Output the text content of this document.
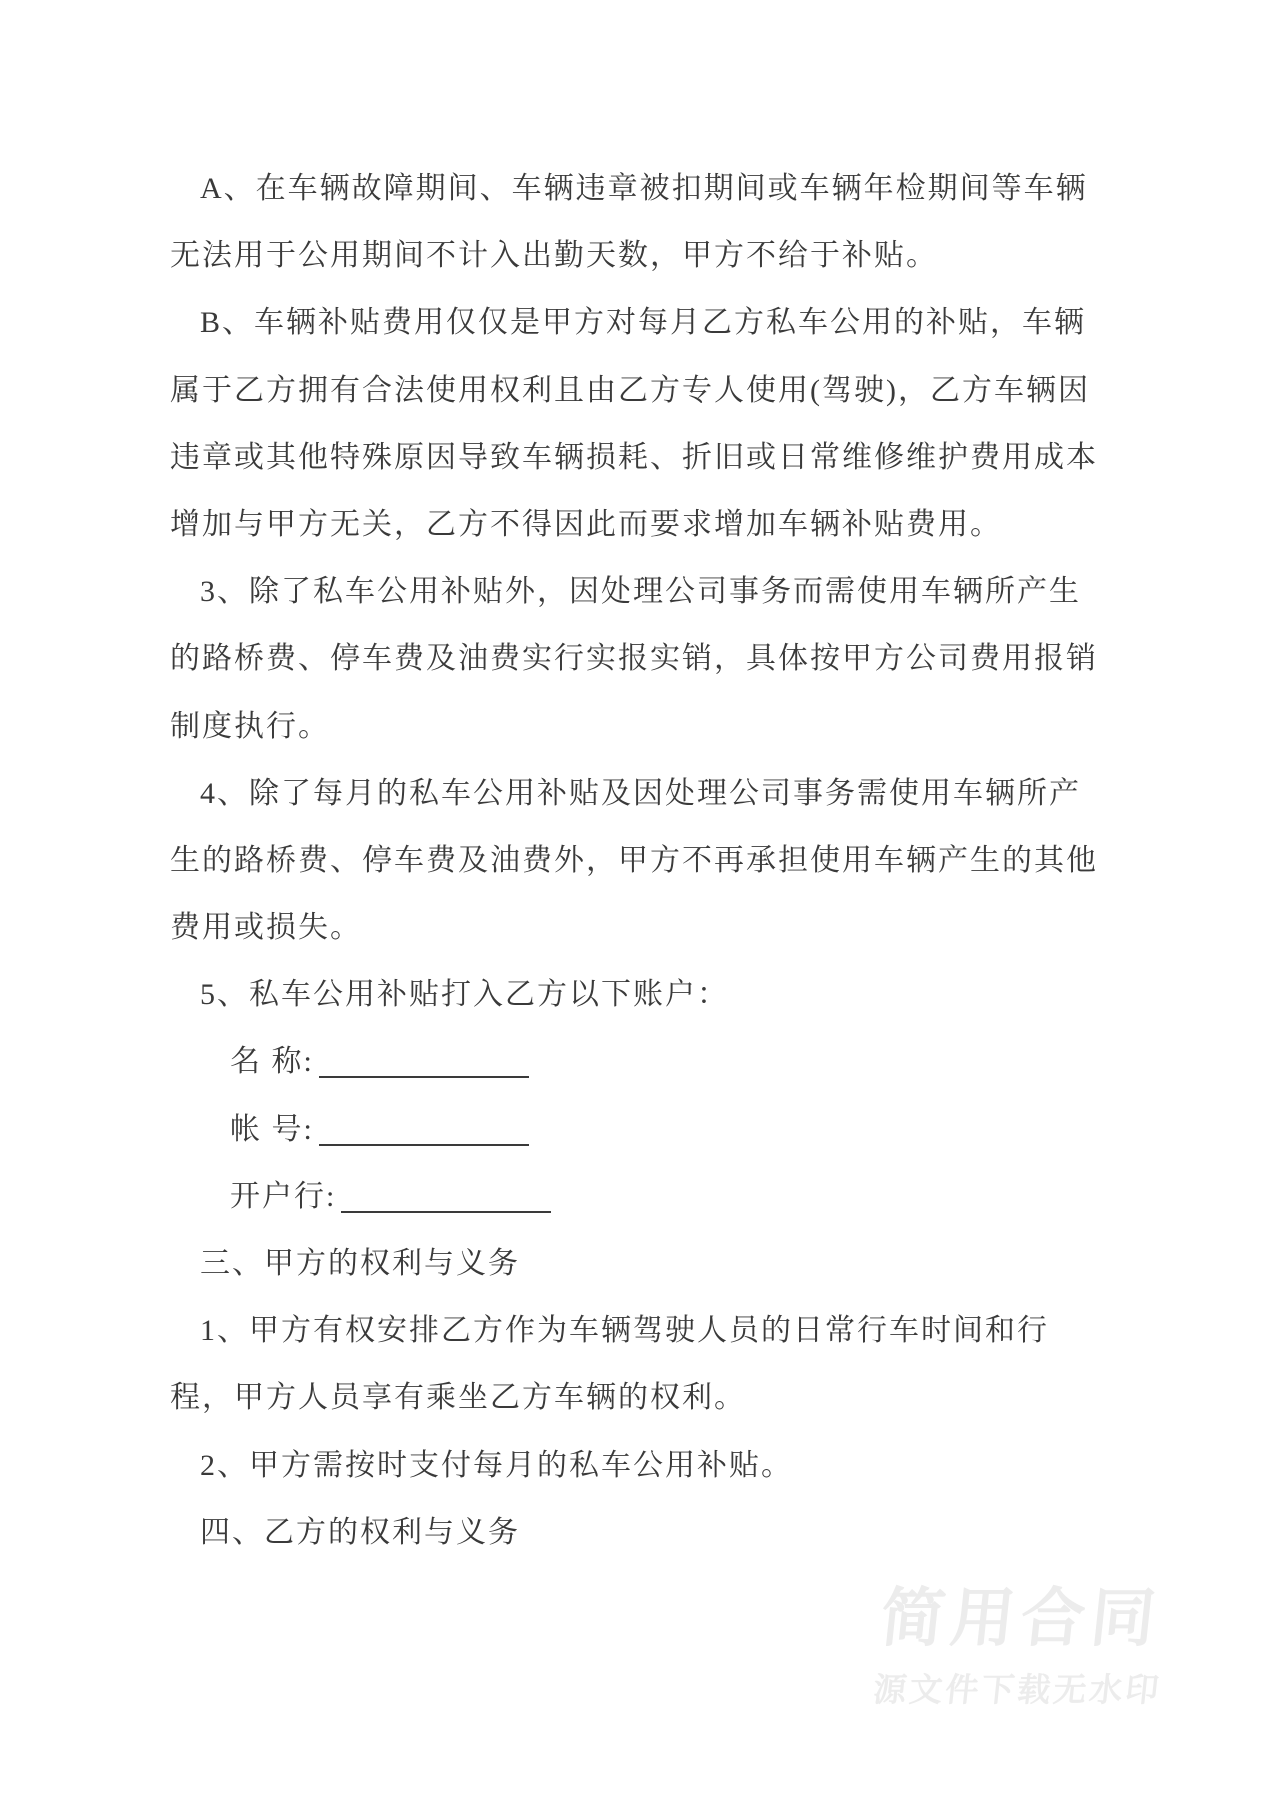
A、在车辆故障期间、车辆违章被扣期间或车辆年检期间等车辆
无法用于公用期间不计入出勤天数，甲方不给于补贴。
B、车辆补贴费用仅仅是甲方对每月乙方私车公用的补贴，车辆
属于乙方拥有合法使用权利且由乙方专人使用(驾驶)，乙方车辆因
违章或其他特殊原因导致车辆损耗、折旧或日常维修维护费用成本
增加与甲方无关，乙方不得因此而要求增加车辆补贴费用。
3、除了私车公用补贴外，因处理公司事务而需使用车辆所产生
的路桥费、停车费及油费实行实报实销，具体按甲方公司费用报销
制度执行。
4、除了每月的私车公用补贴及因处理公司事务需使用车辆所产
生的路桥费、停车费及油费外，甲方不再承担使用车辆产生的其他
费用或损失。
5、私车公用补贴打入乙方以下账户：
名 称:
帐 号:
开户行:
三、甲方的权利与义务
1、甲方有权安排乙方作为车辆驾驶人员的日常行车时间和行
程，甲方人员享有乘坐乙方车辆的权利。
2、甲方需按时支付每月的私车公用补贴。
四、乙方的权利与义务
简用合同
源文件下载无水印
